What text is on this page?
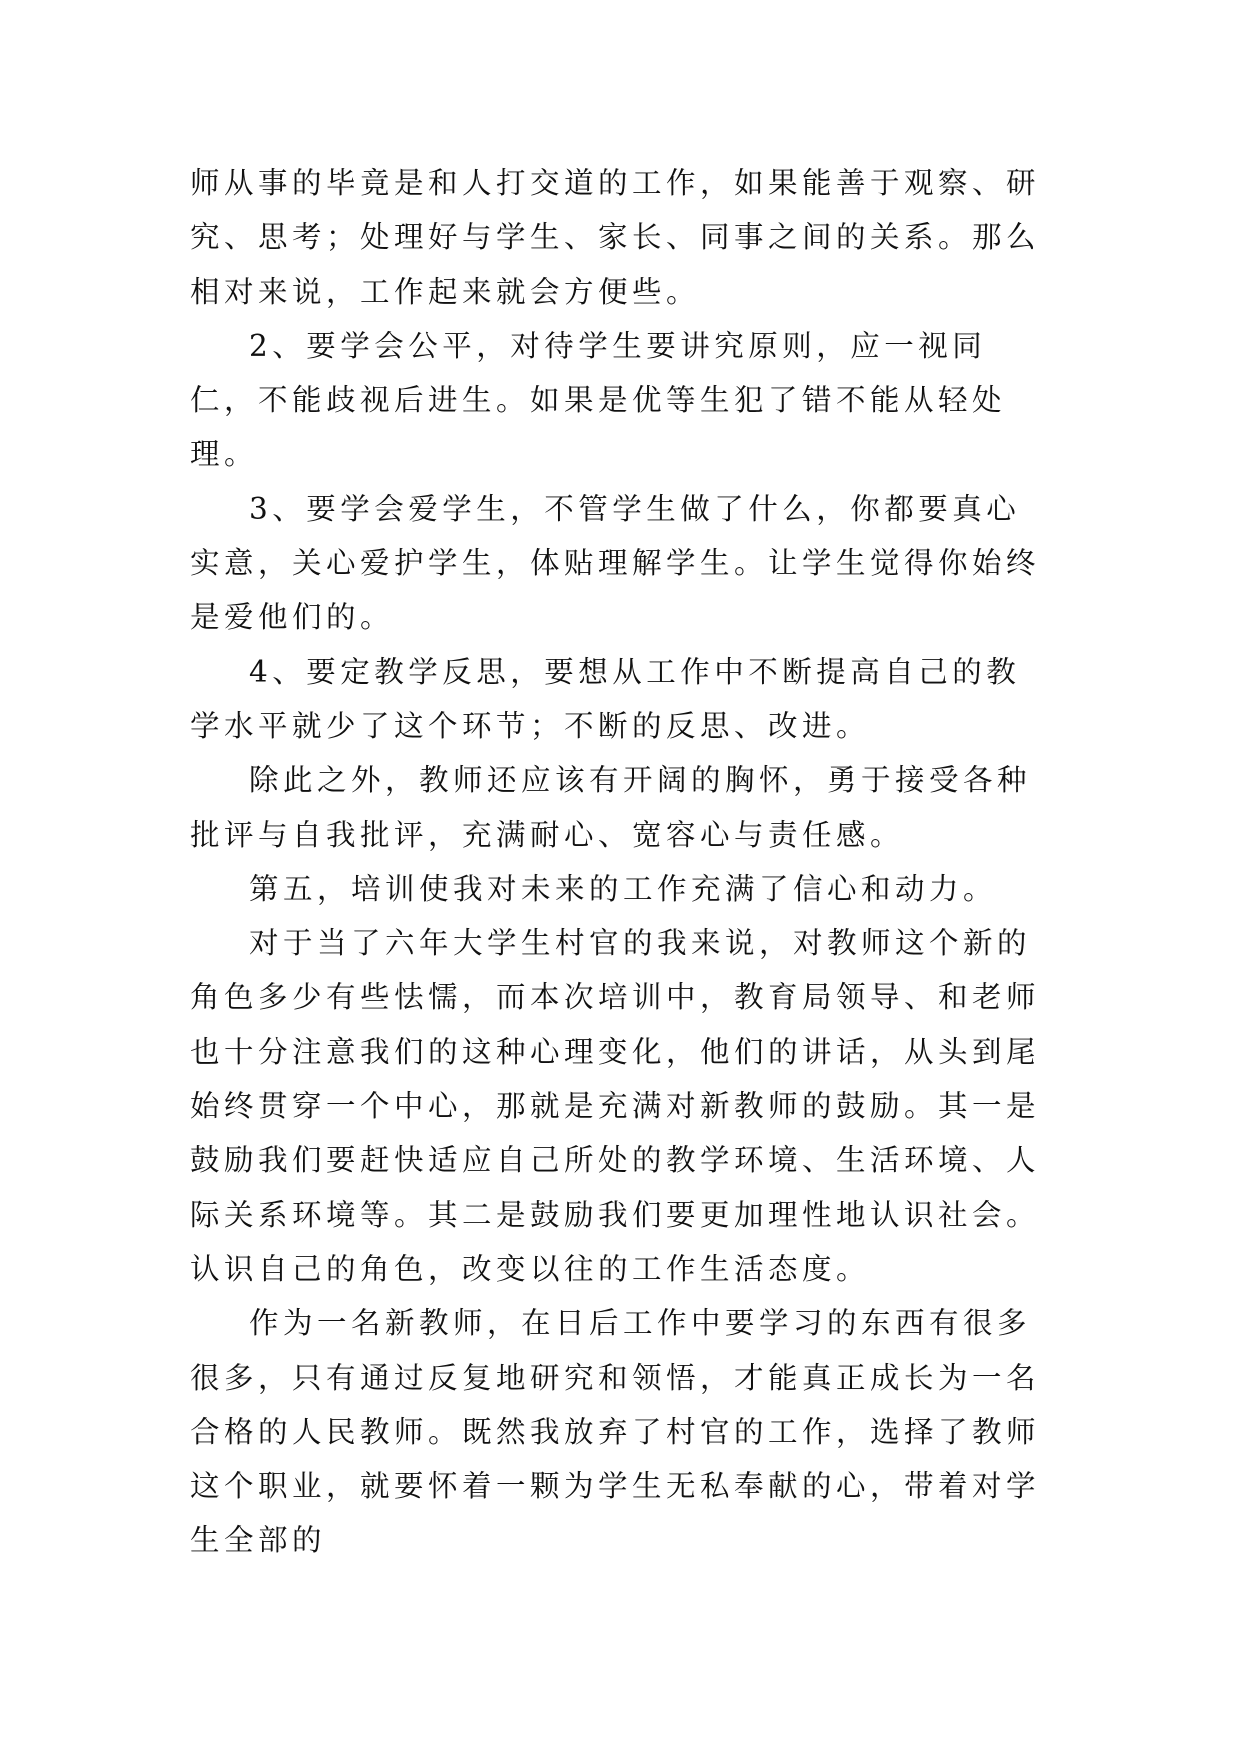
师从事的毕竟是和人打交道的工作，如果能善于观察、研究、思考；处理好与学生、家长、同事之间的关系。那么相对来说，工作起来就会方便些。

2、要学会公平，对待学生要讲究原则，应一视同仁，不能歧视后进生。如果是优等生犯了错不能从轻处理。

3、要学会爱学生，不管学生做了什么，你都要真心实意，关心爱护学生，体贴理解学生。让学生觉得你始终是爱他们的。

4、要定教学反思，要想从工作中不断提高自己的教学水平就少了这个环节；不断的反思、改进。

除此之外，教师还应该有开阔的胸怀，勇于接受各种批评与自我批评，充满耐心、宽容心与责任感。

第五，培训使我对未来的工作充满了信心和动力。

对于当了六年大学生村官的我来说，对教师这个新的角色多少有些怯懦，而本次培训中，教育局领导、和老师也十分注意我们的这种心理变化，他们的讲话，从头到尾始终贯穿一个中心，那就是充满对新教师的鼓励。其一是鼓励我们要赶快适应自己所处的教学环境、生活环境、人际关系环境等。其二是鼓励我们要更加理性地认识社会。认识自己的角色，改变以往的工作生活态度。

作为一名新教师，在日后工作中要学习的东西有很多很多，只有通过反复地研究和领悟，才能真正成长为一名合格的人民教师。既然我放弃了村官的工作，选择了教师这个职业，就要怀着一颗为学生无私奉献的心，带着对学生全部的
